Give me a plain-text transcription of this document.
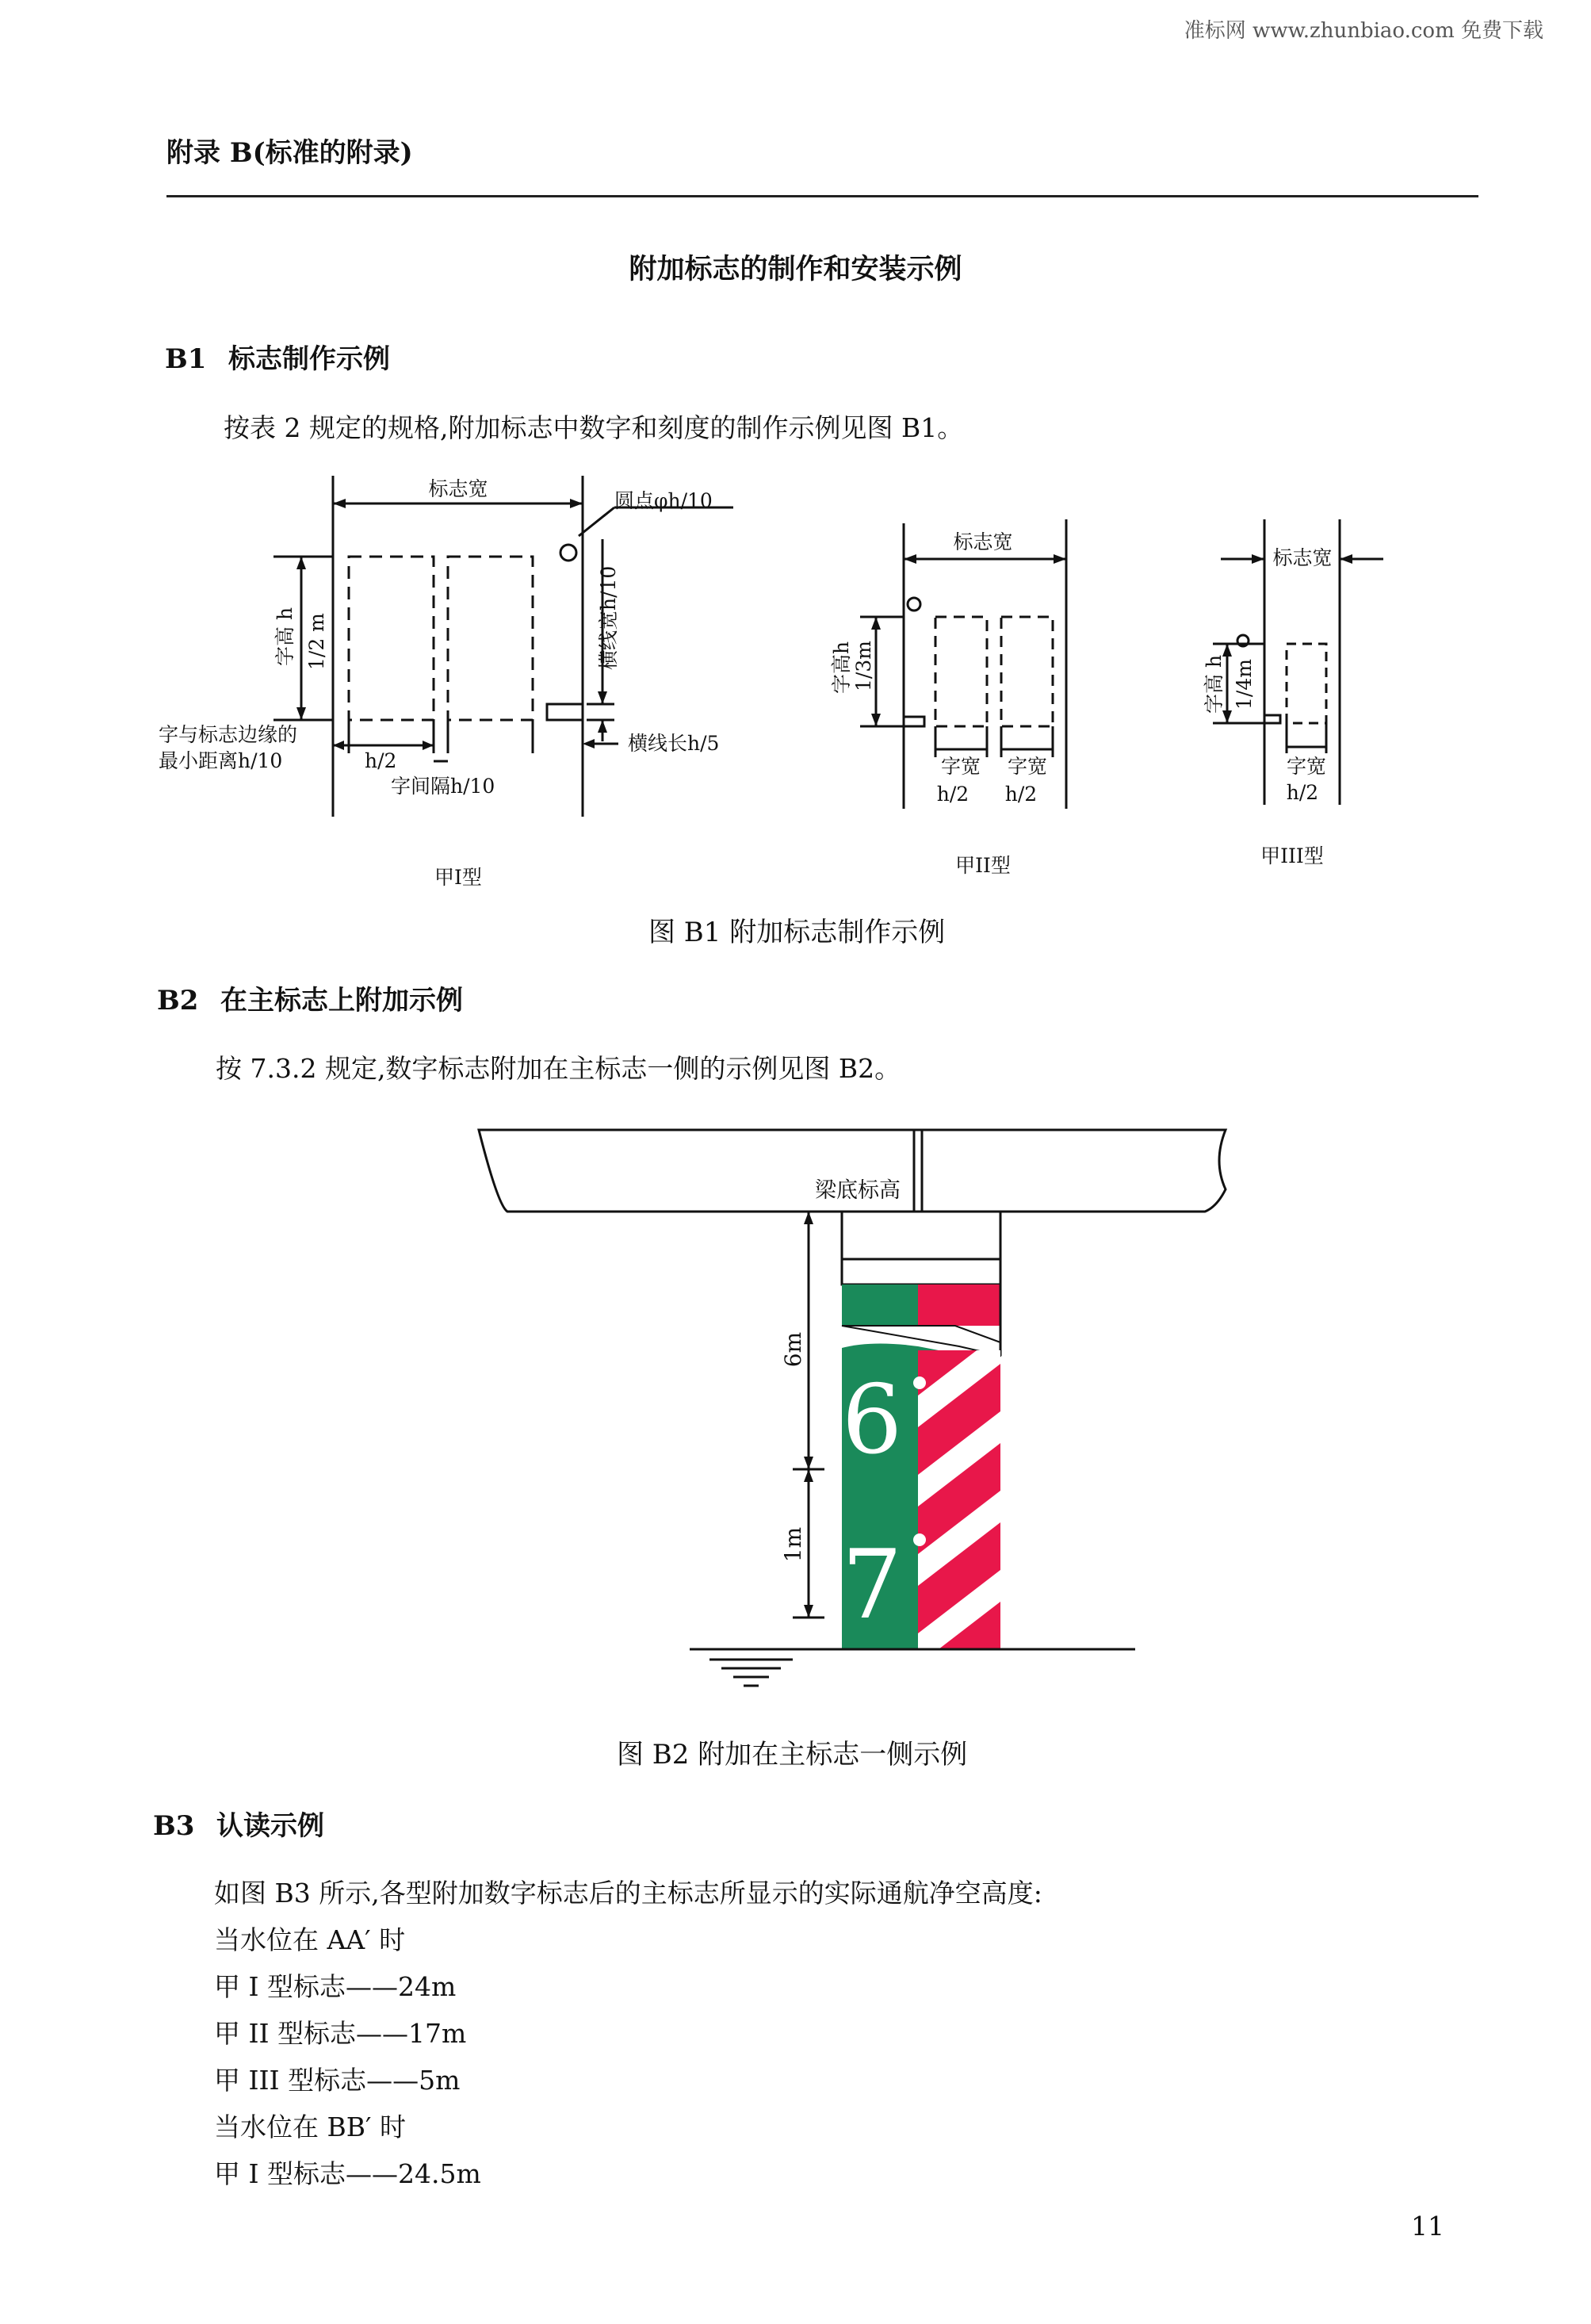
准标网 www.zhunbiao.com 免费下载
附录 B(标准的附录)
附加标志的制作和安装示例
B1 标志制作示例
按表 2 规定的规格,附加标志中数字和刻度的制作示例见图 B1。
标志宽
圆点φh/10
字高 h 1/2 m	横线宽h/10
横线长h/5
字与标志边缘的
最小距离h/10	h/2
字间隔h/10
甲I型
标志宽
字高h 1/3m
字宽 字宽
h/2 h/2
甲II型
标志宽
字高 h 1/4m
字宽
h/2
甲III型
图 B1 附加标志制作示例
B2 在主标志上附加示例
按 7.3.2 规定,数字标志附加在主标志一侧的示例见图 B2。
梁底标高
6
7
6m
1m
图 B2 附加在主标志一侧示例
B3 认读示例
如图 B3 所示,各型附加数字标志后的主标志所显示的实际通航净空高度:
当水位在 AA′ 时
甲 I 型标志——24m
甲 II 型标志——17m
甲 III 型标志——5m
当水位在 BB′ 时
甲 I 型标志——24.5m
11
